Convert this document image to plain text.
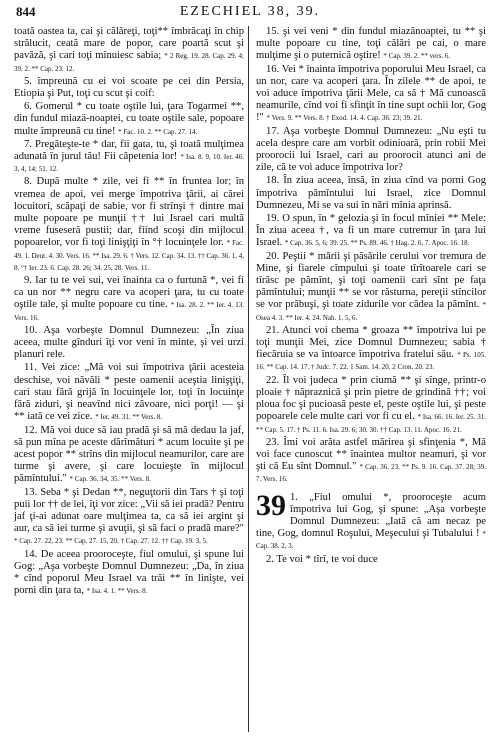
844	EZECHIEL 38, 39.
toată oastea ta, cai şi călăreţi, toţi** îmbrăcaţi în chip strălucit, ceată mare de popor, care poartă scut şi pavăză, şi cari toţi mînuiesc sabia; * 2 Reg. 19. 28. Cap. 29. 4; 39. 2. ** Cap. 23. 12.
5. împreună cu ei voi scoate pe cei din Persia, Etiopia şi Put, toţi cu scut şi coif:
6. Gomerul * cu toate oştile lui, ţara Togarmei **, din fundul miazä-noaptei, cu toate oştile sale, popoare multe împreună cu tine! * Fac. 10. 2. ** Cap. 27. 14.
7. Pregăteşte-te * dar, fii gata, tu, şi toată mulţimea adunată în jurul tău! Fii căpetenia lor! * Isa. 8. 9, 10. Ier. 46. 3, 4, 14; 51. 12.
8. După multe * zile, vei fi ** în fruntea lor; în vremea de apoi, vei merge împotriva ţării, ai cărei locuitori, scăpaţi de sabie, vor fi strînşi † dintre mai multe popoare pe munţii †† lui Israel cari multă vreme fuseseră pustii; dar, fiind scoşi din mijlocul popoarelor, vor fi toţi linişţiţi în °† locuinţele lor. * Fac. 49. 1. Deut. 4. 30. Vers. 16. ** Isa. 29. 6. † Vers. 12. Cap. 34. 13. †† Cap. 36. 1, 4, 8. °† Ier. 23. 6. Cap. 28. 26; 34. 25, 28. Vers. 11.
9. Iar tu te vei sui, vei înainta ca o furtună *, vei fi ca un nor ** negru care va acoperi ţara, tu cu toate oştile tale, şi multe popoare cu tine. * Isa. 28. 2. ** Ier. 4. 13. Vers. 16.
10. Aşa vorbeşte Domnul Dumnezeu: „În ziua aceea, multe gînduri îţi vor veni în minte, şi vei urzi planuri rele.
11. Vei zice: „Mă voi sui împotriva ţării acesteia deschise, voi năvăli * peste oamenii aceştia linişţiţi, cari stau fără grijă în locuinţele lor, toţi în locuinţe fără ziduri, şi neavînd nici zăvoare, nici porţi! — şi ** iată ce vei zice. * Ier. 49. 31. ** Vers. 8.
12. Mă voi duce să iau pradă şi să mă dedau la jaf, să pun mîna pe aceste dărîmături * acum locuite şi pe acest popor ** strîns din mijlocul neamurilor, care are turme şi avere, şi care locuieşte în mijlocul pămîntului." * Cap. 36. 34, 35. ** Vers. 8.
13. Seba * şi Dedan **, neguţtorii din Tars † şi toţi puii lor †† de lei, îţi vor zice: „Vii să iei pradă? Pentru jaf ţi-ai adunat oare mulţimea ta, ca să iei argint şi aur, ca să iei turme şi avuţii, şi să faci o pradă mare?" * Cap. 27. 22, 23. ** Cap. 27. 15, 20. † Cap. 27. 12. †† Cap. 19. 3, 5.
14. De aceea prooroceşte, fiul omului, şi spune lui Gog: „Aşa vorbeşte Domnul Dumnezeu: „Da, în ziua * cînd poporul Meu Israel va trăi ** în linişte, vei porni din ţara ta, * Isa. 4. 1. ** Vers. 8.
15. şi vei veni * din fundul miazănoaptei, tu ** şi multe popoare cu tine, toţi călări pe cai, o mare mulţime şi o puternică oştire! * Cap. 39. 2. ** vers. 6.
16. Vei * înainta împotriva poporului Meu Israel, ca un nor, care va acoperi ţara. În zilele ** de apoi, te voi aduce împotriva ţării Mele, ca să † Mă cunoască neamurile, cînd voi fi sfinţit în tine supt ochii lor, Gog !" * Vers. 9. ** Vers. 8. † Exod. 14. 4. Cap. 36. 23; 39. 21.
17. Aşa vorbeşte Domnul Dumnezeu: „Nu eşti tu acela despre care am vorbit odinioară, prin robii Mei proorocii lui Israel, cari au proorocit atunci ani de zile, că te voi aduce împotriva lor?
18. În ziua aceea, însă, în ziua cînd va porni Gog împotriva pămîntului lui Israel, zice Domnul Dumnezeu, Mi se va sui în nări mînia aprinsă.
19. O spun, în * gelozia şi în focul mîniei ** Mele: În ziua aceea †, va fi un mare cutremur în ţara lui Israel. * Cap. 36. 5, 6; 39. 25. ** Ps. 89. 46. † Hag. 2. 6, 7. Apoc. 16. 18.
20. Peştii * mării şi păsările cerului vor tremura de Mine, şi fiarele cîmpului şi toate tîrîtoarele cari se tîrăsc pe pămînt, şi toţi oamenii cari sînt pe faţa pămîntului; munţii ** se vor răsturna, pereţii stîncilor se vor prăbuşi, şi toate zidurile vor cădea la pămînt. * Osea 4. 3. ** Ier. 4. 24. Nah. 1. 5, 6.
21. Atunci voi chema * groaza ** împotriva lui pe toţi munţii Mei, zice Domnul Dumnezeu; sabia † fiecăruia se va întoarce împotriva fratelui său. * Ps. 105. 16. ** Cap. 14. 17. † Judc. 7. 22. 1 Sam. 14. 20. 2 Cron. 20. 23.
22. Îl voi judeca * prin ciumă ** şi sînge, printr-o ploaie † năpraznică şi prin pietre de grindină ††; voi ploua foc şi pucioasă peste el, peste oştile lui, şi peste popoarele cele multe cari vor fi cu el. * Isa. 66. 16. Ier. 25. 31. ** Cap. 5. 17. † Ps. 11. 6. Isa. 29. 6; 30. 30. †† Cap. 13. 11. Apoc. 16. 21.
23. Îmi voi arăta astfel mărirea şi sfinţenia *, Mă voi face cunoscut ** înaintea multor neamuri, şi vor şti că Eu sînt Domnul." * Cap. 36. 23. ** Ps. 9. 16. Cap. 37. 28; 39. 7. Vers. 16.
39 1. „Fiul omului *, prooroceşte acum împotriva lui Gog, şi spune: „Aşa vorbeşte Domnul Dumnezeu: „Iată că am necaz pe tine, Gog, domnul Roşului, Meşecului şi Tubalului ! * Cap. 38. 2, 3.
2. Te voi * tîrî, te voi duce
